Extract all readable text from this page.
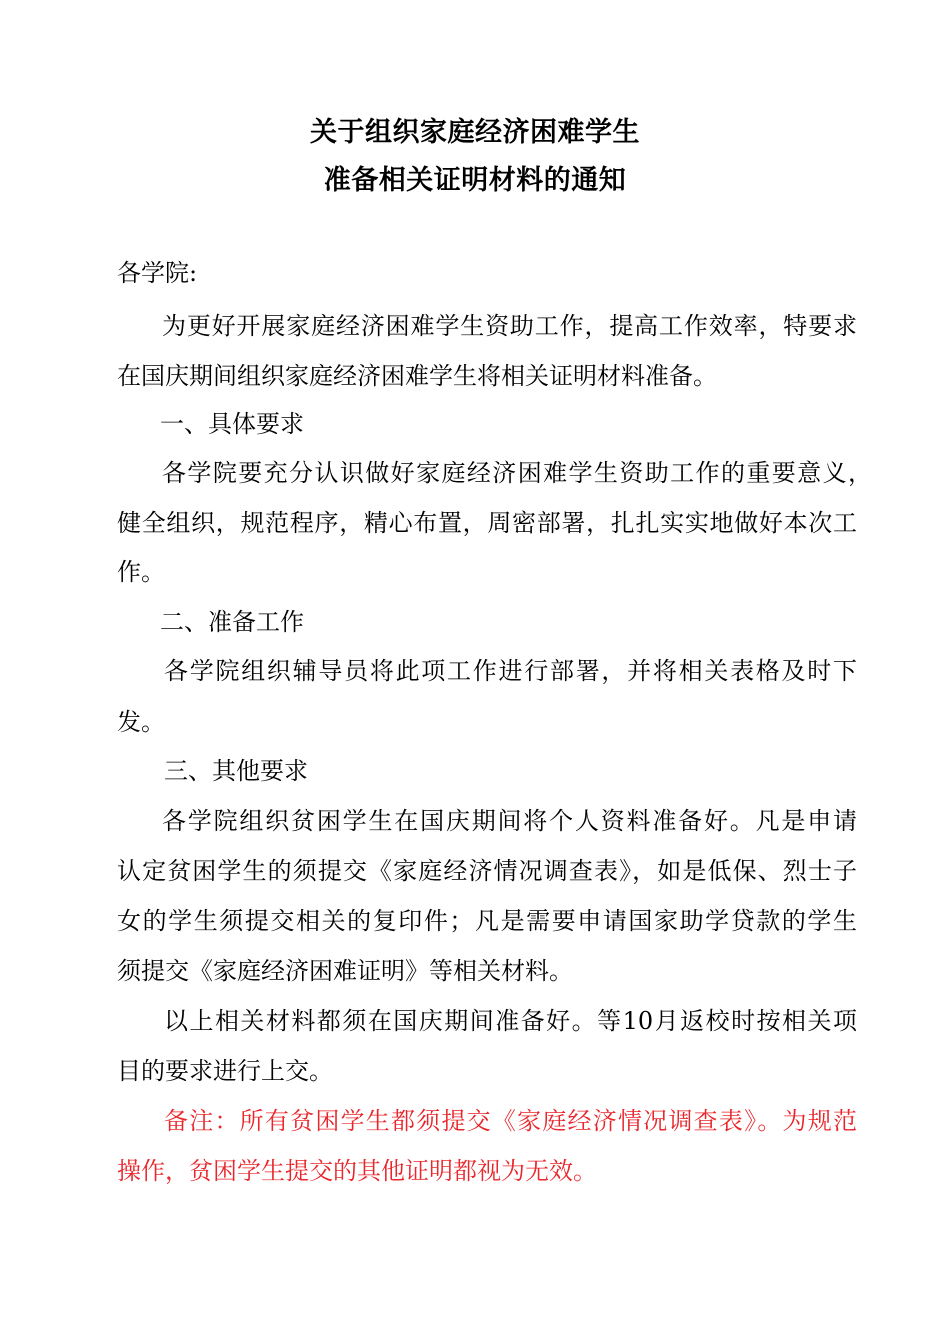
关于组织家庭经济困难学生
准备相关证明材料的通知
各学院:
为更好开展家庭经济困难学生资助工作，提高工作效率，特要求
在国庆期间组织家庭经济困难学生将相关证明材料准备。
一、具体要求
各学院要充分认识做好家庭经济困难学生资助工作的重要意义，
健全组织，规范程序，精心布置，周密部署，扎扎实实地做好本次工
作。
二、准备工作
各学院组织辅导员将此项工作进行部署，并将相关表格及时下
发。
三、其他要求
各学院组织贫困学生在国庆期间将个人资料准备好。凡是申请
认定贫困学生的须提交《家庭经济情况调查表》，如是低保、烈士子
女的学生须提交相关的复印件；凡是需要申请国家助学贷款的学生
须提交《家庭经济困难证明》等相关材料。
以上相关材料都须在国庆期间准备好。等10月返校时按相关项
目的要求进行上交。
备注：所有贫困学生都须提交《家庭经济情况调查表》。为规范
操作，贫困学生提交的其他证明都视为无效。
